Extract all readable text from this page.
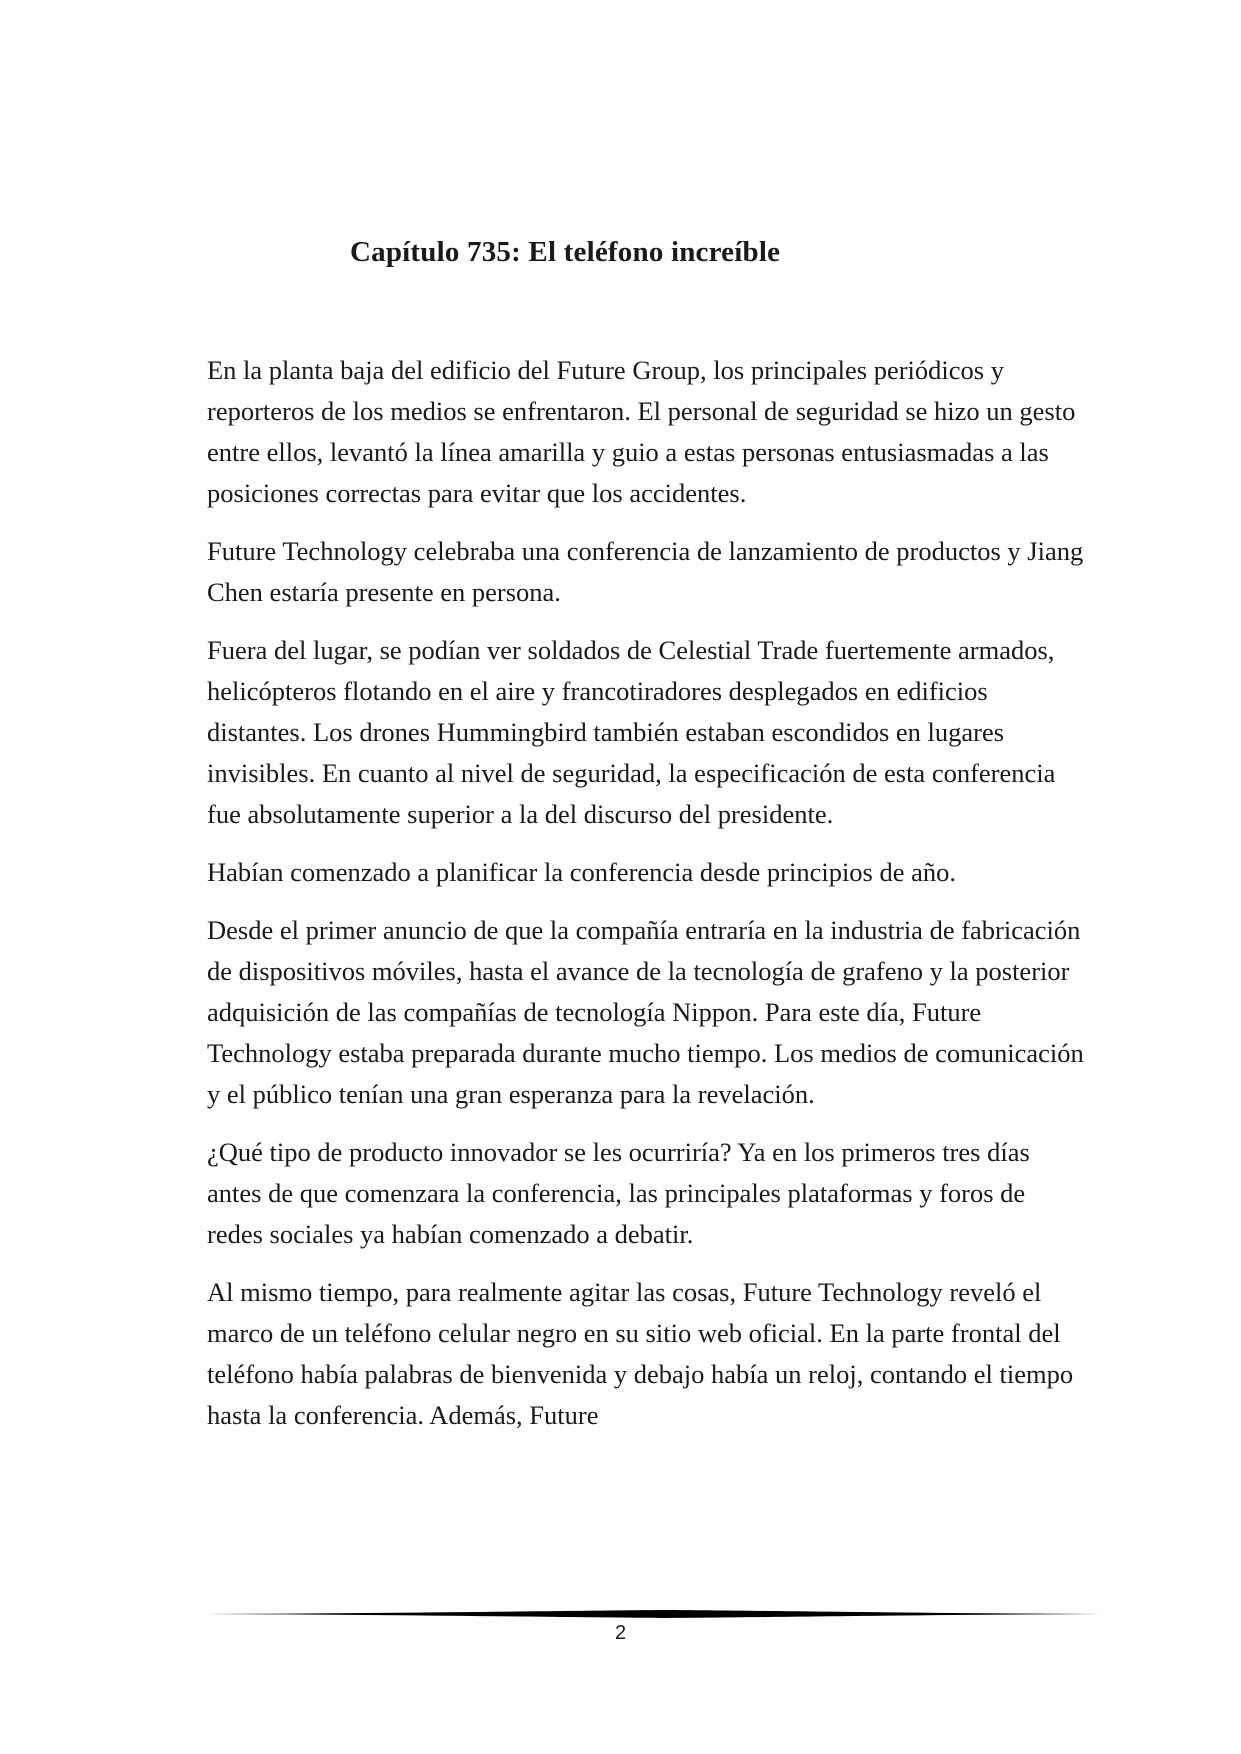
Capítulo 735: El teléfono increíble

En la planta baja del edificio del Future Group, los principales periódicos y reporteros de los medios se enfrentaron. El personal de seguridad se hizo un gesto entre ellos, levantó la línea amarilla y guio a estas personas entusiasmadas a las posiciones correctas para evitar que los accidentes.

Future Technology celebraba una conferencia de lanzamiento de productos y Jiang Chen estaría presente en persona.

Fuera del lugar, se podían ver soldados de Celestial Trade fuertemente armados, helicópteros flotando en el aire y francotiradores desplegados en edificios distantes. Los drones Hummingbird también estaban escondidos en lugares invisibles. En cuanto al nivel de seguridad, la especificación de esta conferencia fue absolutamente superior a la del discurso del presidente.

Habían comenzado a planificar la conferencia desde principios de año.

Desde el primer anuncio de que la compañía entraría en la industria de fabricación de dispositivos móviles, hasta el avance de la tecnología de grafeno y la posterior adquisición de las compañías de tecnología Nippon. Para este día, Future Technology estaba preparada durante mucho tiempo. Los medios de comunicación y el público tenían una gran esperanza para la revelación.

¿Qué tipo de producto innovador se les ocurriría? Ya en los primeros tres días antes de que comenzara la conferencia, las principales plataformas y foros de redes sociales ya habían comenzado a debatir.

Al mismo tiempo, para realmente agitar las cosas, Future Technology reveló el marco de un teléfono celular negro en su sitio web oficial. En la parte frontal del teléfono había palabras de bienvenida y debajo había un reloj, contando el tiempo hasta la conferencia. Además, Future

2
